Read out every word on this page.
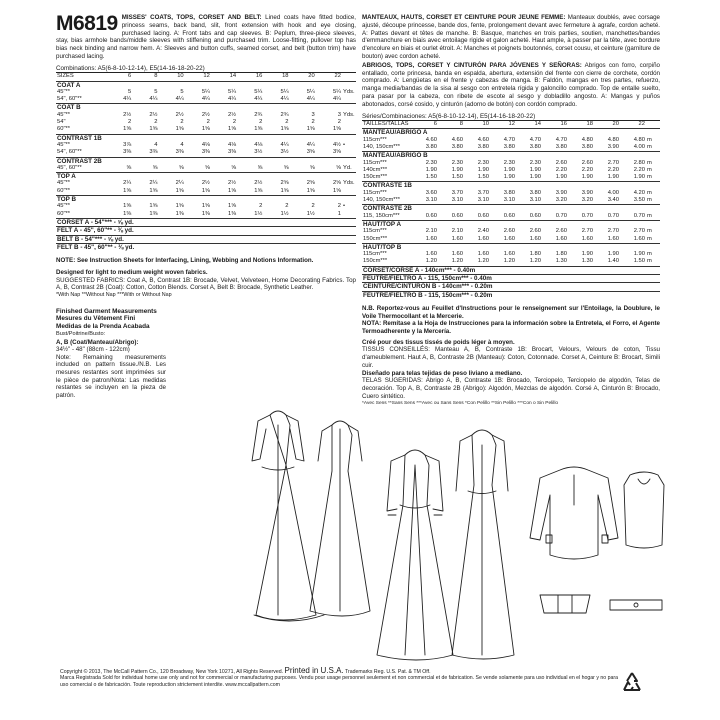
M6819 MISSES' COATS, TOPS, CORSET AND BELT: Lined coats have fitted bodice, princess seams, back band, slit, front extension with hook and eye closing, purchased lacing. A: Front tabs and cap sleeves. B: Peplum, three-piece sleeves, stay, bias armhole bands/middle sleeves with stiffening and purchased trim. Loose-fitting, pullover top has bias neck binding and narrow hem. A: Sleeves and button cuffs, seamed corset, and belt (button trim) have purchased lacing.
Combinations: A5(6-8-10-12-14), E5(14-16-18-20-22)
SIZES	6	8	10	12	14	16	18	20	22	
COAT A										
45"**	5	5	5	5¼	5¼	5¼	5¼	5¼	5¼	Yds.
54", 60"**	4¼	4¼	4¼	4¼	4¼	4¼	4¼	4¼	4¼	
COAT B										
45"**	2½	2½	2½	2½	2½	2¾	2¾	3	3	Yds.
54"	2	2	2	2	2	2	2	2	2	
60"**	1⅝	1⅝	1⅝	1⅝	1⅝	1⅝	1⅝	1⅝	1⅝	
CONTRAST 1B										
45"**	3⅞	4	4	4⅛	4⅛	4⅛	4¼	4¼	4½	•
54", 60"**	3⅜	3⅜	3⅜	3⅜	3⅜	3½	3½	3⅝	3⅝	
CONTRAST 2B										
45", 60"**	⅝	⅝	⅝	⅝	⅝	⅝	⅝	⅝	⅝	Yd.
TOP A										
45"**	2¼	2¼	2¼	2½	2½	2½	2⅝	2⅝	2⅝	Yds.
60"**	1⅝	1⅝	1⅝	1⅝	1⅝	1⅝	1⅝	1⅝	1⅝	
TOP B										
45"**	1⅝	1⅝	1⅝	1⅝	1⅝	2	2	2	2	•
60"**	1⅜	1⅜	1⅜	1⅜	1⅜	1½	1½	1½	1	
CORSET A - 54"*** - ⅝ yd.										
FELT A - 45", 60"** - ⅜ yd.										
BELT B - 54"*** - ⅝ yd.										
FELT B - 45", 60"** - ⅜ yd.										
NOTE: See Instruction Sheets for Interfacing, Lining, Webbing and Notions Information.
Designed for light to medium weight woven fabrics.
SUGGESTED FABRICS: Coat A, B, Contrast 1B: Brocade, Velvet, Velveteen, Home Decorating Fabrics. Top A, B, Contrast 2B (Coat): Cotton, Cotton Blends. Corset A, Belt B: Brocade, Synthetic Leather.
*With Nap **Without Nap ***With or Without Nap
Finished Garment Measurements
Mesures du Vêtement Fini
Medidas de la Prenda Acabada
Bust/Poitrine/Busto:
A, B (Coat/Manteau/Abrigo):
34½" - 48" (88cm - 122cm)
Note: Remaining measurements included on pattern tissue./N.B. Les mesures restantes sont imprimées sur le pièce de patron/Nota: Las medidas restantes se incluyen en la pieza de patrón.
MANTEAUX, HAUTS, CORSET ET CEINTURE POUR JEUNE FEMME: Manteaux doublés, avec corsage ajusté, découpe princesse, bande dos, fente, prolongement devant avec fermeture à agrafe, cordon acheté. A: Pattes devant et têtes de manche. B: Basque, manches en trois parties, soutien, manchettes/bandes d'emmanchure en biais avec entoilage rigide et galon acheté. Haut ample, à passer par la tête, avec bordure d'encolure en biais et ourlet étroit. A: Manches et poignets boutonnés, corset cousu, et ceinture (garniture de bouton) avec cordon acheté.
ABRIGOS, TOPS, CORSET Y CINTURÓN PARA JÓVENES Y SEÑORAS: Abrigos con forro, corpiño entallado, corte princesa, banda en espalda, abertura, extensión del frente con cierre de corchete, cordón comprado. A: Lengüetas en el frente y cabezas de manga. B: Faldón, mangas en tres partes, refuerzo, manga media/bandas de la sisa al sesgo con entretela rígida y galoncillo comprado. Top de entalle suelto, para pasar por la cabeza, con ribete de escote al sesgo y dobladillo angosto. A: Mangas y puños abotonados, corsé cosido, y cinturón (adorno de botón) con cordón comprado.
Séries/Combinaciones: A5(6-8-10-12-14), E5(14-16-18-20-22)
TAILLES/TALLAS	6	8	10	12	14	16	18	20	22	
MANTEAU/ABRIGO A										
115cm***	4.60	4.60	4.60	4.70	4.70	4.70	4.80	4.80	4.80	m
140, 150cm***	3.80	3.80	3.80	3.80	3.80	3.80	3.80	3.90	4.00	m
MANTEAU/ABRIGO B										
115cm***	2.30	2.30	2.30	2.30	2.30	2.60	2.60	2.70	2.80	m
140cm***	1.90	1.90	1.90	1.90	1.90	2.20	2.20	2.20	2.20	m
150cm***	1.50	1.50	1.50	1.90	1.90	1.90	1.90	1.90	1.90	m
CONTRASTE 1B										
115cm***	3.60	3.70	3.70	3.80	3.80	3.90	3.90	4.00	4.20	m
140, 150cm***	3.10	3.10	3.10	3.10	3.10	3.20	3.20	3.40	3.50	m
CONTRASTE 2B										
115, 150cm***	0.60	0.60	0.60	0.60	0.60	0.70	0.70	0.70	0.70	m
HAUT/TOP A										
115cm***	2.10	2.10	2.40	2.60	2.60	2.60	2.70	2.70	2.70	m
150cm***	1.60	1.60	1.60	1.60	1.60	1.60	1.60	1.60	1.60	m
HAUT/TOP B										
115cm***	1.60	1.60	1.60	1.60	1.80	1.80	1.90	1.90	1.90	m
150cm***	1.20	1.20	1.20	1.20	1.20	1.30	1.30	1.40	1.50	m
CORSET/CORSÉ A - 140cm*** - 0.40m										
FEUTRE/FIELTRO A - 115, 150cm*** - 0.40m										
CEINTURE/CINTURÓN B - 140cm*** - 0.20m										
FEUTRE/FIELTRO B - 115, 150cm*** - 0.20m										
N.B. Reportez-vous au Feuillet d'Instructions pour le renseignement sur l'Entoilage, la Doublure, le Voile Thermocollant et la Mercerie.
NOTA: Remítase a la Hoja de Instrucciones para la información sobre la Entretela, el Forro, el Agente Termoadherente y la Mercería.
Créé pour des tissus tissés de poids léger à moyen.
TISSUS CONSEILLÉS: Manteau A, B, Contraste 1B: Brocart, Velours, Velours de coton, Tissu d'ameublement. Haut A, B, Contraste 2B (Manteau): Coton, Cotonnade. Corset A, Ceinture B: Brocart, Simili cuir.
Diseñado para telas tejidas de peso liviano a mediano.
TELAS SUGERIDAS: Abrigo A, B, Contraste 1B: Brocado, Terciopelo, Terciopelo de algodón, Telas de decoración. Top A, B, Contraste 2B (Abrigo): Algodón, Mezclas de algodón. Corsé A, Cinturón B: Brocado, Cuero sintético.
*Avec Sens **Sans Sens ***Avec ou Sans Sens *Con Pelillo **Sin Pelillo ***Con o Sin Pelillo
Copyright © 2013, The McCall Pattern Co., 120 Broadway, New York 10271, All Rights Reserved. Printed in U.S.A. Trademarks Reg. U.S. Pat. & TM Off.
Marca Registrada Sold for individual home use only and not for commercial or manufacturing purposes. Vendu pour usage personnel seulement et non commercial et de fabrication. Se vende solamente para uso individual en el hogar y no para uso comercial o de fabricación. Toute reproduction strictement interdite. www.mccallpattern.com
